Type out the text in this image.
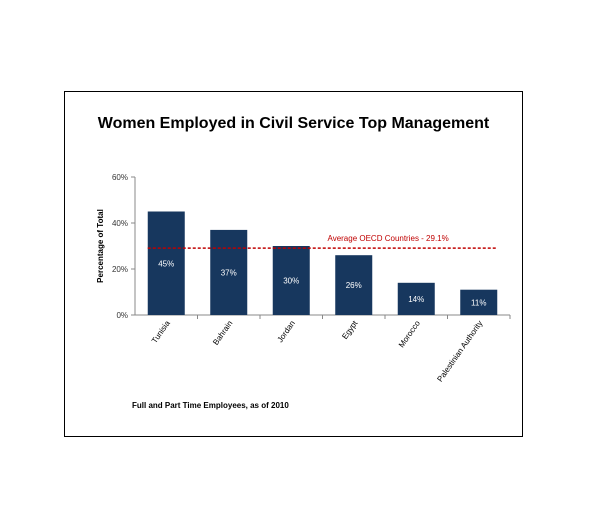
Women Employed in Civil Service Top Management
0%
20%
40%
60%
Percentage of Total	45%
Tunisia
37%
Bahrain
30%
Jordan
26%
Egypt
14%
Morocco
11%
Palestinian Authority
Average OECD Countries - 29.1%
Full and Part Time Employees, as of 2010
